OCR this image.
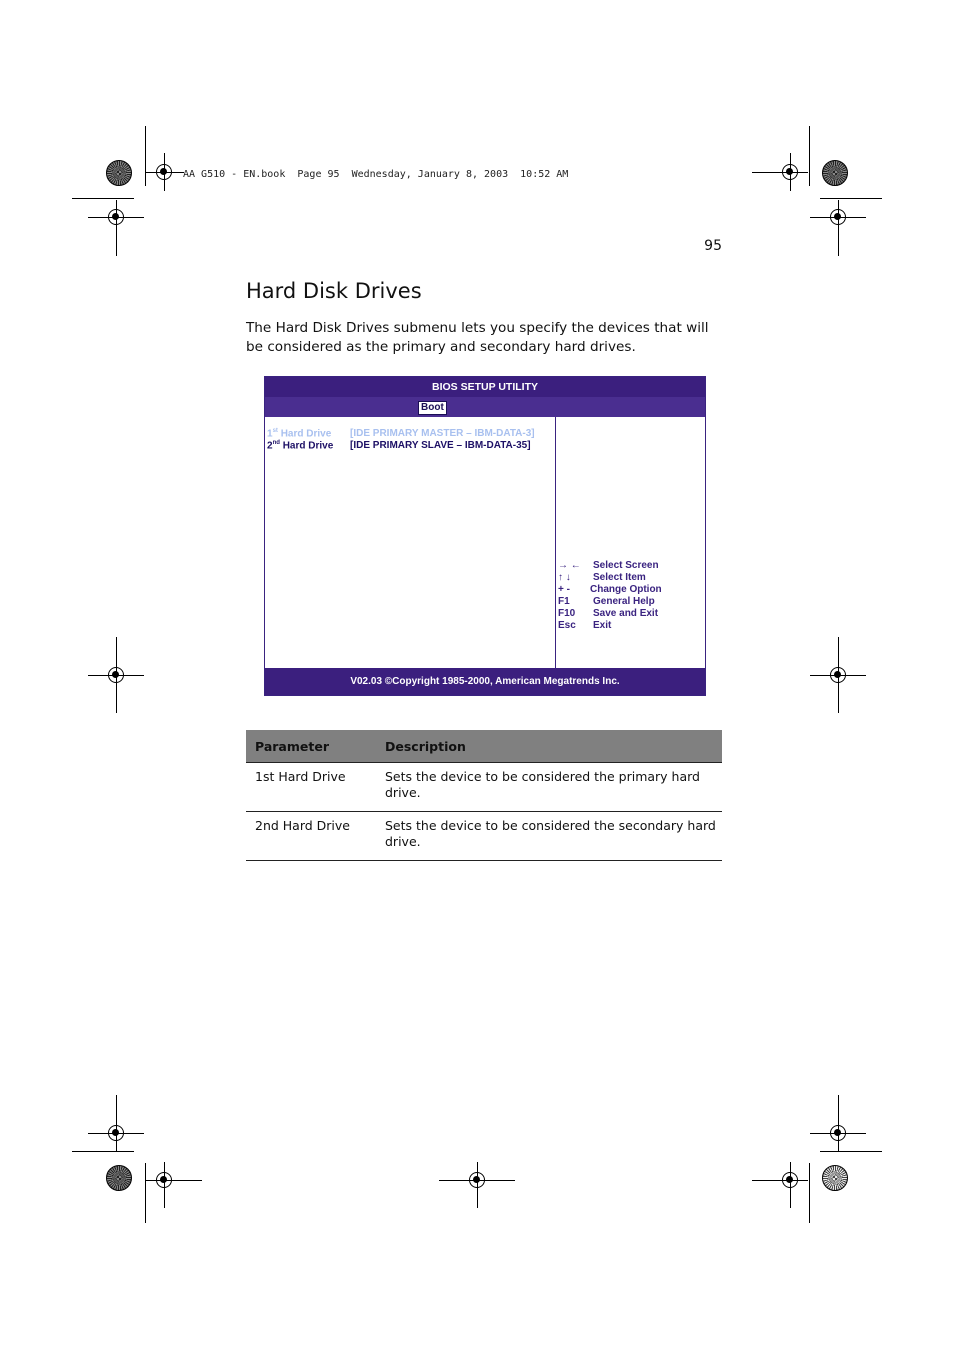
AA G510 - EN.book  Page 95  Wednesday, January 8, 2003  10:52 AM
95
Hard Disk Drives

The Hard Disk Drives submenu lets you specify the devices that will be considered as the primary and secondary hard drives.

BIOS SETUP UTILITY
Boot
1st Hard Drive [IDE PRIMARY MASTER – IBM-DATA-3]
2nd Hard Drive [IDE PRIMARY SLAVE – IBM-DATA-35]
→ ← Select Screen
↑ ↓ Select Item
+ - Change Option
F1 General Help
F10 Save and Exit
Esc Exit
V02.03 ©Copyright 1985-2000, American Megatrends Inc.
Parameter	Description
1st Hard Drive	Sets the device to be considered the primary hard drive.
2nd Hard Drive	Sets the device to be considered the secondary hard drive.
